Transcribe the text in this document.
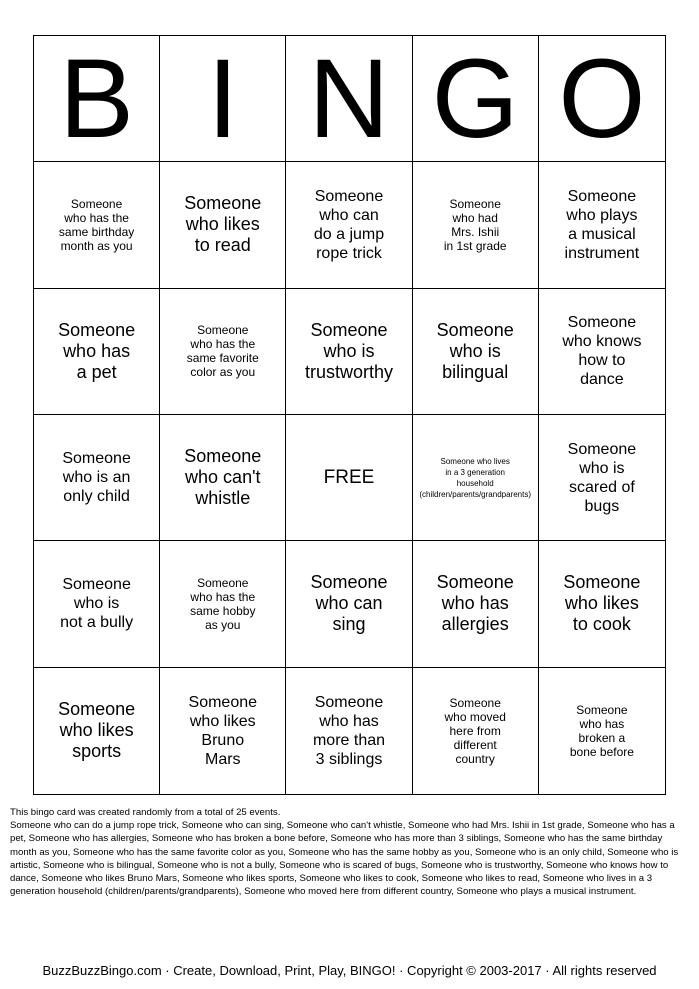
B I N G O
Someone
who has the
same birthday
month as you
Someone
who likes
to read
Someone
who can
do a jump
rope trick
Someone
who had
Mrs. Ishii
in 1st grade
Someone
who plays
a musical
instrument
Someone
who has
a pet
Someone
who has the
same favorite
color as you
Someone
who is
trustworthy
Someone
who is
bilingual
Someone
who knows
how to
dance
Someone
who is an
only child
Someone
who can't
whistle
FREE
Someone who lives
in a 3 generation
household
(children/parents/grandparents)
Someone
who is
scared of
bugs
Someone
who is
not a bully
Someone
who has the
same hobby
as you
Someone
who can
sing
Someone
who has
allergies
Someone
who likes
to cook
Someone
who likes
sports
Someone
who likes
Bruno
Mars
Someone
who has
more than
3 siblings
Someone
who moved
here from
different
country
Someone
who has
broken a
bone before

This bingo card was created randomly from a total of 25 events.

Someone who can do a jump rope trick, Someone who can sing, Someone who can't whistle, Someone who had Mrs. Ishii in 1st grade, Someone who has a pet, Someone who has allergies, Someone who has broken a bone before, Someone who has more than 3 siblings, Someone who has the same birthday month as you, Someone who has the same favorite color as you, Someone who has the same hobby as you, Someone who is an only child, Someone who is artistic, Someone who is bilingual, Someone who is not a bully, Someone who is scared of bugs, Someone who is trustworthy, Someone who knows how to dance, Someone who likes Bruno Mars, Someone who likes sports, Someone who likes to cook, Someone who likes to read, Someone who lives in a 3 generation household (children/parents/grandparents), Someone who moved here from different country, Someone who plays a musical instrument.

BuzzBuzzBingo.com · Create, Download, Print, Play, BINGO! · Copyright © 2003-2017 · All rights reserved
